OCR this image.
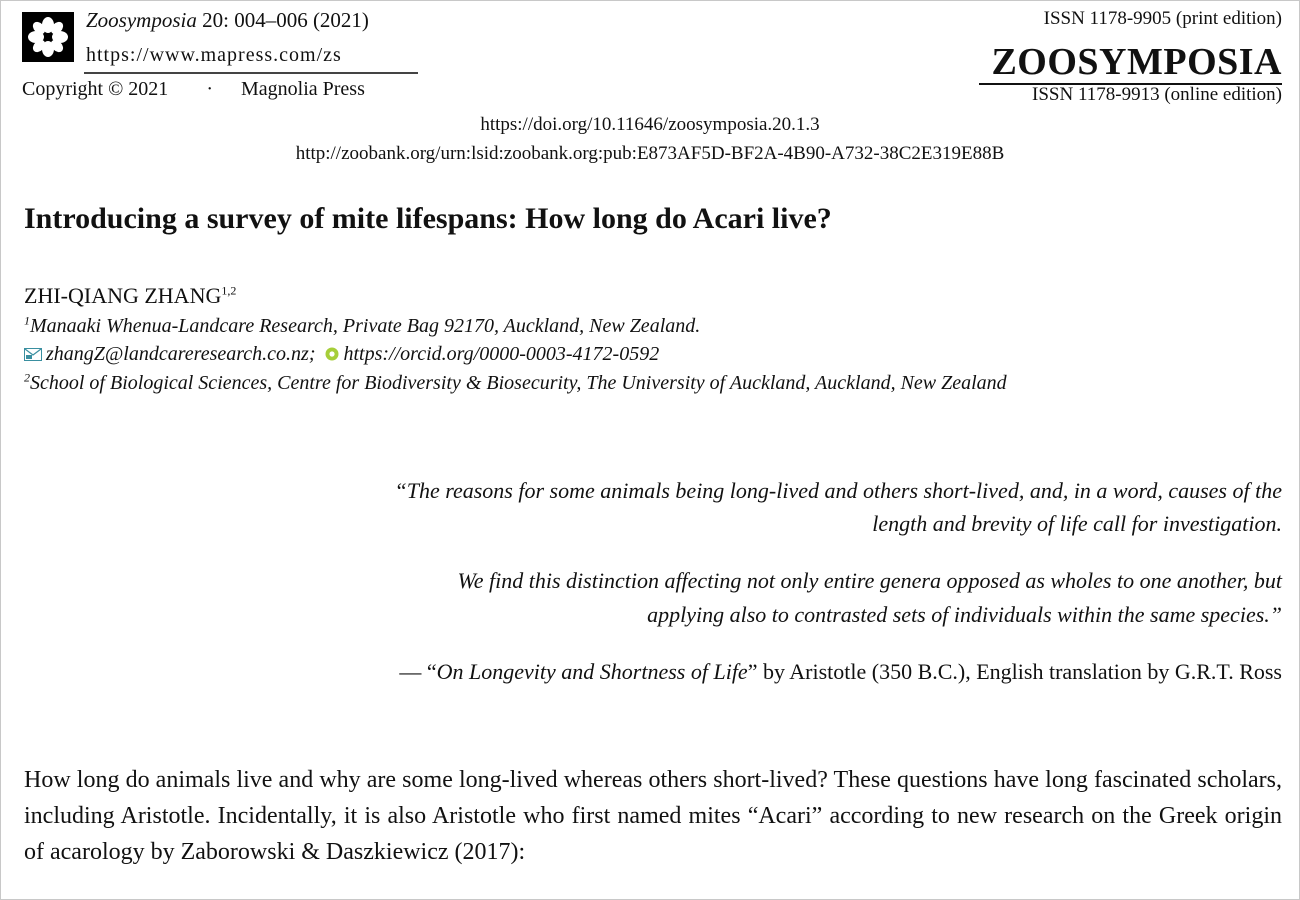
Zoosymposia 20: 004–006 (2021)
https://www.mapress.com/zs
Copyright © 2021 · Magnolia Press
ISSN 1178-9905 (print edition)
ZOOSYMPOSIA
ISSN 1178-9913 (online edition)
https://doi.org/10.11646/zoosymposia.20.1.3
http://zoobank.org/urn:lsid:zoobank.org:pub:E873AF5D-BF2A-4B90-A732-38C2E319E88B
Introducing a survey of mite lifespans: How long do Acari live?
ZHI-QIANG ZHANG$^{1,2}$
$^1$Manaaki Whenua-Landcare Research, Private Bag 92170, Auckland, New Zealand.
zhangZ@landcareresearch.co.nz; https://orcid.org/0000-0003-4172-0592
$^2$School of Biological Sciences, Centre for Biodiversity & Biosecurity, The University of Auckland, Auckland, New Zealand
“The reasons for some animals being long-lived and others short-lived, and, in a word, causes of the
length and brevity of life call for investigation.
We find this distinction affecting not only entire genera opposed as wholes to one another, but
applying also to contrasted sets of individuals within the same species.”
— “On Longevity and Shortness of Life” by Aristotle (350 B.C.), English translation by G.R.T. Ross
How long do animals live and why are some long-lived whereas others short-lived? These questions have long fascinated scholars, including Aristotle. Incidentally, it is also Aristotle who first named mites “Acari” according to new research on the Greek origin of acarology by Zaborowski & Daszkiewicz (2017):
